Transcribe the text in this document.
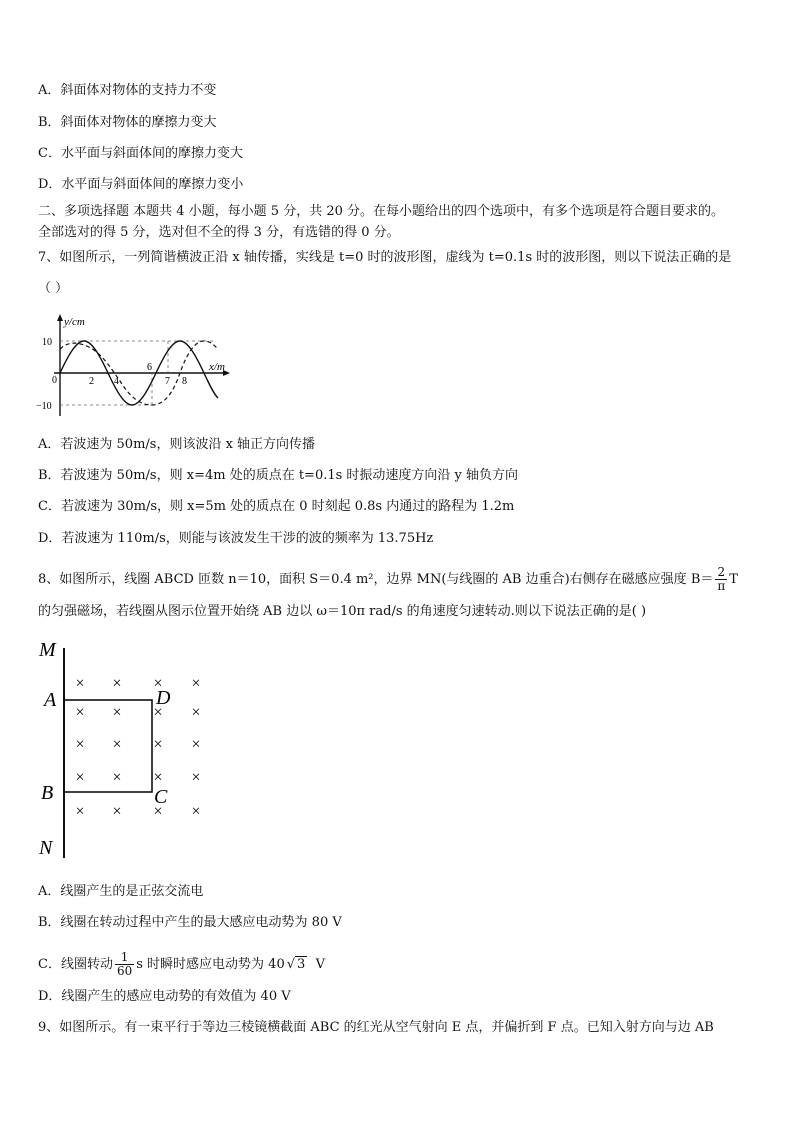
A．斜面体对物体的支持力不变
B．斜面体对物体的摩擦力变大
C．水平面与斜面体间的摩擦力变大
D．水平面与斜面体间的摩擦力变小
二、多项选择题 本题共 4 小题，每小题 5 分，共 20 分。在每小题给出的四个选项中，有多个选项是符合题目要求的。
全部选对的得 5 分，选对但不全的得 3 分，有选错的得 0 分。
7、如图所示，一列简谐横波正沿 x 轴传播，实线是 t=0 时的波形图，虚线为 t=0.1s 时的波形图，则以下说法正确的是
（ ）
y/cm
x/m
10
−10
0	2 4
6
7 8
A．若波速为 50m/s，则该波沿 x 轴正方向传播
B．若波速为 50m/s，则 x=4m 处的质点在 t=0.1s 时振动速度方向沿 y 轴负方向
C．若波速为 30m/s，则 x=5m 处的质点在 0 时刻起 0.8s 内通过的路程为 1.2m
D．若波速为 110m/s，则能与该波发生干涉的波的频率为 13.75Hz
8、如图所示，线圈 ABCD 匝数 n＝10，面积 S＝0.4 m²，边界 MN(与线圈的 AB 边重合)右侧存在磁感应强度 $B= \frac{2}{\pi}$ T
的匀强磁场，若线圈从图示位置开始绕 AB 边以 ω＝10π rad/s 的角速度匀速转动.则以下说法正确的是( )
M
A	D
B	C
N
× × × ×
× × × ×
× × × ×
× × × ×
× × × ×
A．线圈产生的是正弦交流电
B．线圈在转动过程中产生的最大感应电动势为 80 V
C．线圈转动 $\frac{1}{60}$ s 时瞬时感应电动势为 40 √ 3 V
D．线圈产生的感应电动势的有效值为 40 V
9、如图所示。有一束平行于等边三棱镜横截面 ABC 的红光从空气射向 E 点，并偏折到 F 点。已知入射方向与边 AB
